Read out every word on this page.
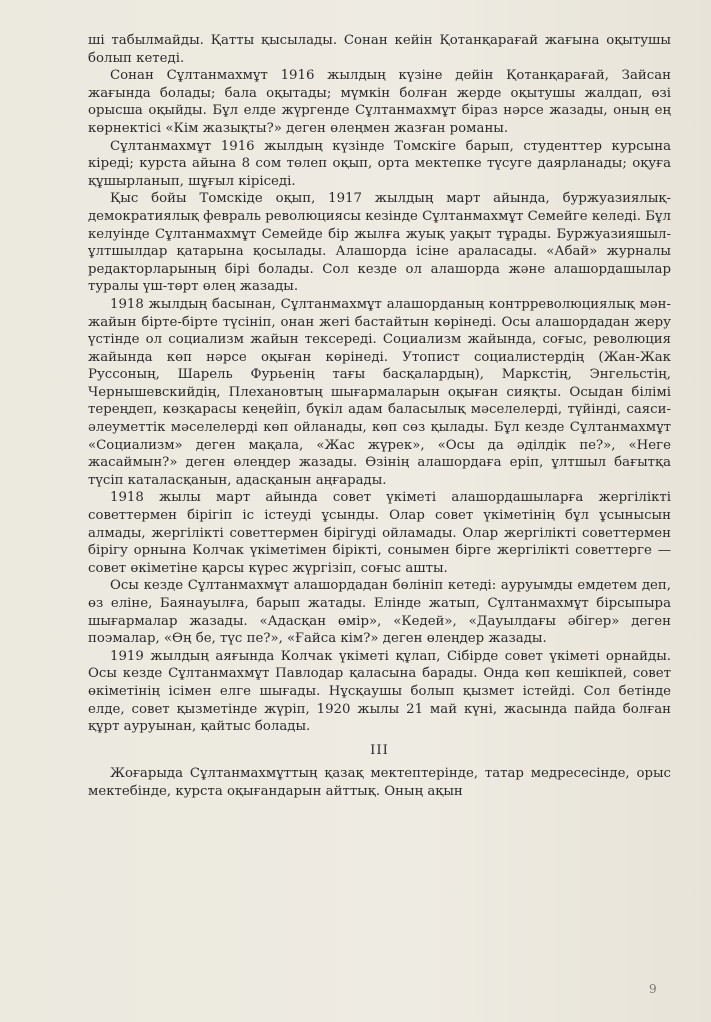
ші табылмайды. Қатты қысылады. Сонан кейін Қотанқарағай жағына оқытушы болып кетеді.

Сонан Сұлтанмахмұт 1916 жылдың күзіне дейін Қотанқарағай, Зайсан жағында болады; бала оқытады; мүмкін болған жерде оқытушы жалдап, өзі орысша оқыйды. Бұл елде жүргенде Сұлтанмахмұт біраз нәрсе жазады, оның ең көрнектісі «Кім жазықты?» деген өлеңмен жазған романы.

Сұлтанмахмұт 1916 жылдың күзінде Томскіге барып, студенттер курсына кіреді; курста айына 8 сом төлеп оқып, орта мектепке түсуге даярланады; оқуға құшырланып, шұғыл кіріседі.

Қыс бойы Томскіде оқып, 1917 жылдың март айында, буржуазиялық-демократиялық февраль революциясы кезінде Сұлтанмахмұт Семейге келеді. Бұл келуінде Сұлтанмахмұт Семейде бір жылға жуық уақыт тұрады. Буржуазияшыл-ұлтшылдар қатарына қосылады. Алашорда ісіне араласады. «Абай» журналы редакторларының бірі болады. Сол кезде ол алашорда және алашордашылар туралы үш-төрт өлең жазады.

1918 жылдың басынан, Сұлтанмахмұт алашорданың контрреволюциялық мән-жайын бірте-бірте түсініп, онан жеri бастайтын көрінеді. Осы алашордадан жеру үстінде ол социализм жайын тексереді. Социализм жайында, соғыс, революция жайында көп нәрсе оқыған көрінеді. Утопист социалистердің (Жан-Жак Руссоның, Шарель Фурьенің тағы басқалардың), Маркстің, Энгельстің, Чернышевскийдің, Плехановтың шығармаларын оқыған сияқты. Осыдан білімі тереңдеп, көзқарасы кеңейіп, бүкіл адам баласылық мәселелерді, түйінді, саяси-әлеуметтік мәселелерді көп ойланады, көп сөз қылады. Бұл кезде Сұлтанмахмұт «Социализм» деген мақала, «Жас жүрек», «Осы да әділдік пе?», «Неге жасаймын?» деген өлеңдер жазады. Өзінің алашордаға еріп, ұлтшыл бағытқа түсіп каталасқанын, адасқанын аңғарады.

1918 жылы март айында совет үкіметі алашордашыларға жергілікті советтермен бірігіп іс істеуді ұсынды. Олар совет үкіметінің бұл ұсынысын алмады, жергілікті советтермен бірігуді ойламады. Олар жергілікті советтермен бірігу орнына Колчак үкіметімен бірікті, сонымен бірге жергілікті советтерге — совет өкіметіне қарсы күрес жүргізіп, соғыс ашты.

Осы кезде Сұлтанмахмұт алашордадан бөлініп кетеді: ауруымды емдетем деп, өз еліне, Баянауылға, барып жатады. Елінде жатып, Сұлтанмахмұт бірсыпыра шығармалар жазады. «Адасқан өмір», «Кедей», «Дауылдағы әбігер» деген поэмалар, «Өң бе, түс пе?», «Ғайса кім?» деген өлеңдер жазады.

1919 жылдың аяғында Колчак үкіметі құлап, Сібірде совет үкіметі орнайды. Осы кезде Сұлтанмахмұт Павлодар қаласына барады. Онда көп кешікпей, совет өкіметінің ісімен елге шығады. Нұсқаушы болып қызмет істейді. Сол бетінде елде, совет қызметінде жүріп, 1920 жылы 21 май күні, жасында пайда болған құрт ауруынан, қайтыс болады.

III

Жоғарыда Сұлтанмахмұттың қазақ мектептерінде, татар медресесінде, орыс мектебінде, курста оқығандарын айттық. Оның ақын

9
